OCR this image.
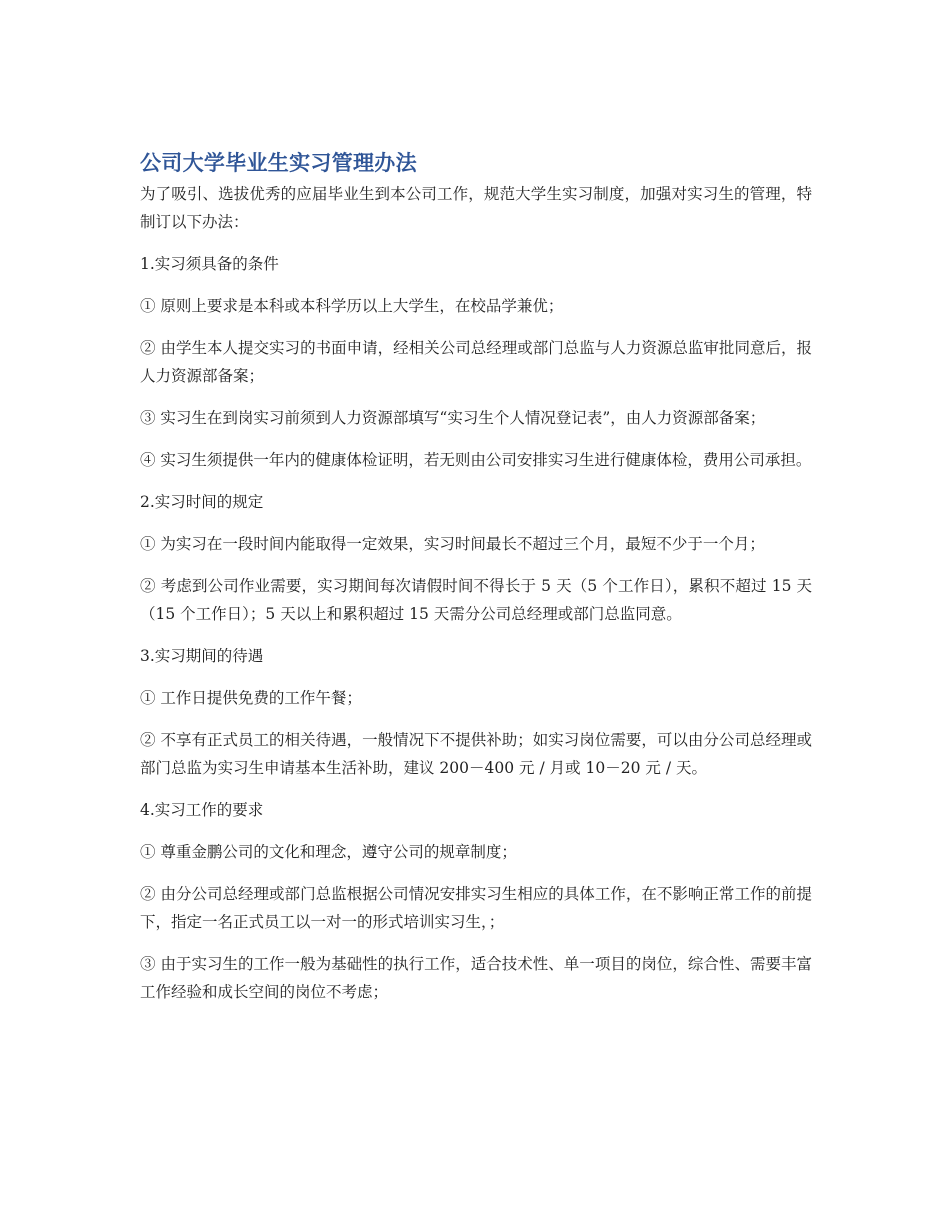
公司大学毕业生实习管理办法

为了吸引、选拔优秀的应届毕业生到本公司工作，规范大学生实习制度，加强对实习生的管理，特制订以下办法：

1.实习须具备的条件

① 原则上要求是本科或本科学历以上大学生，在校品学兼优；

② 由学生本人提交实习的书面申请，经相关公司总经理或部门总监与人力资源总监审批同意后，报人力资源部备案；

③ 实习生在到岗实习前须到人力资源部填写“实习生个人情况登记表”，由人力资源部备案；

④ 实习生须提供一年内的健康体检证明，若无则由公司安排实习生进行健康体检，费用公司承担。

2.实习时间的规定

① 为实习在一段时间内能取得一定效果，实习时间最长不超过三个月，最短不少于一个月；

② 考虑到公司作业需要，实习期间每次请假时间不得长于 5 天（5 个工作日），累积不超过 15 天（15 个工作日）；5 天以上和累积超过 15 天需分公司总经理或部门总监同意。

3.实习期间的待遇

① 工作日提供免费的工作午餐；

② 不享有正式员工的相关待遇，一般情况下不提供补助；如实习岗位需要，可以由分公司总经理或部门总监为实习生申请基本生活补助，建议 200－400 元 / 月或 10－20 元 / 天。

4.实习工作的要求

① 尊重金鹏公司的文化和理念，遵守公司的规章制度；

② 由分公司总经理或部门总监根据公司情况安排实习生相应的具体工作，在不影响正常工作的前提下，指定一名正式员工以一对一的形式培训实习生，；

③ 由于实习生的工作一般为基础性的执行工作，适合技术性、单一项目的岗位，综合性、需要丰富工作经验和成长空间的岗位不考虑；
